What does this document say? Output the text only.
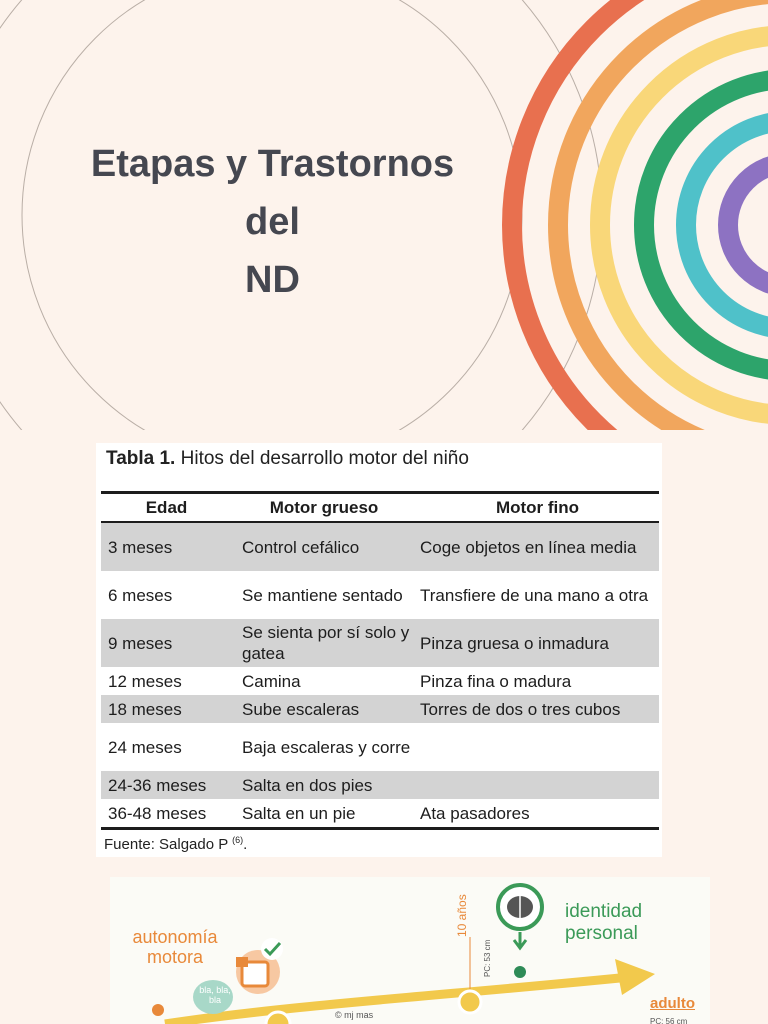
Etapas y Trastornos
del
ND
Tabla 1. Hitos del desarrollo motor del niño
Edad	Motor grueso	Motor fino
3 meses	Control cefálico	Coge objetos en línea media
6 meses	Se mantiene sentado	Transfiere de una mano a otra
9 meses	Se sienta por sí solo y gatea	Pinza gruesa o inmadura
12 meses	Camina	Pinza fina o madura
18 meses	Sube escaleras	Torres de dos o tres cubos
24 meses	Baja escaleras y corre	
24-36 meses	Salta en dos pies	
36-48 meses	Salta en un pie	Ata pasadores
Fuente: Salgado P $^{(6)}$.
autonomía motora
identidad personal
10 años
PC: 53 cm
adulto
PC: 56 cm
© mj mas
bla, bla, bla
